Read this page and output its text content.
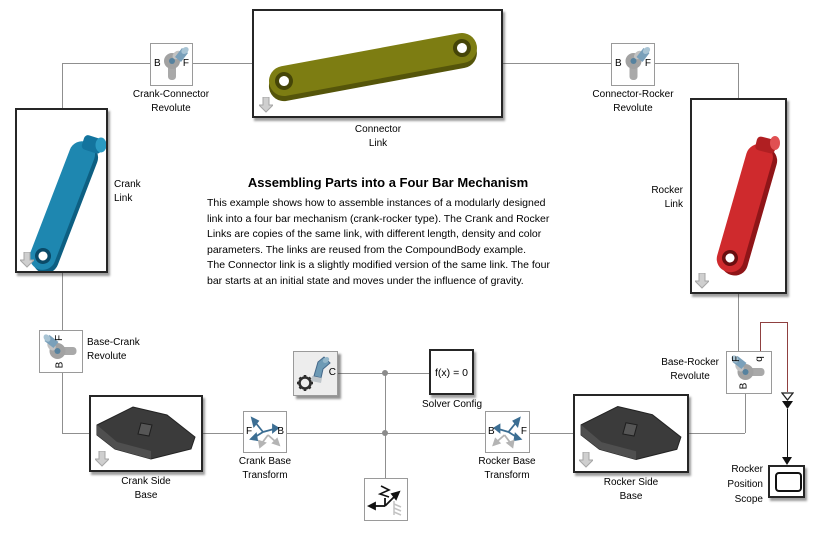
B F	B F
F
B
F q
B
F	B	B	F
C	f(x) = 0
Crank-Connector
Revolute
Connector-Rocker
Revolute
Connector
Link
Crank
Link
Rocker
Link
Base-Crank
Revolute
Base-Rocker
Revolute
Crank Side
Base
Rocker Side
Base
Crank Base
Transform
Rocker Base
Transform
Solver Config
Rocker
Position
Scope
Assembling Parts into a Four Bar Mechanism
This example shows how to assemble instances of a modularly designed
link into a four bar mechanism (crank-rocker type). The Crank and Rocker
Links are copies of the same link, with different length, density and color
parameters. The links are reused from the CompoundBody example.
The Connector link is a slightly modified version of the same link. The four
bar starts at an initial state and moves under the influence of gravity.
